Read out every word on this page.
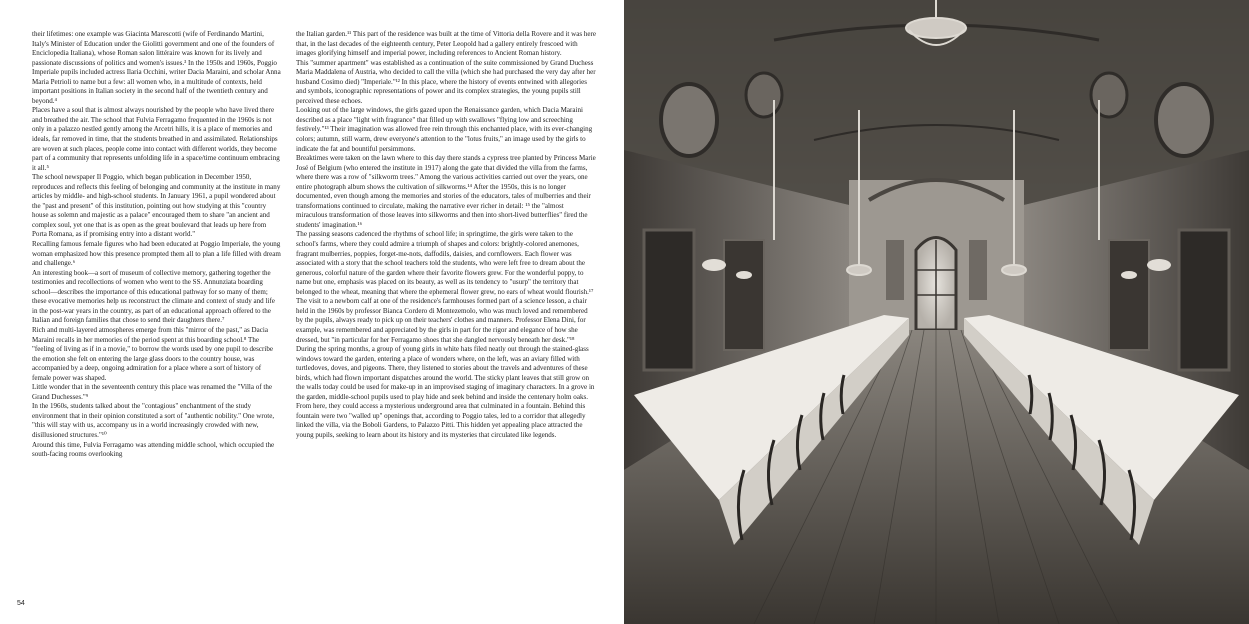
their lifetimes: one example was Giacinta Marescotti (wife of Ferdinando Martini, Italy's Minister of Education under the Giolitti government and one of the founders of Enciclopedia Italiana), whose Roman salon littéraire was known for its lively and passionate discussions of politics and women's issues.³ In the 1950s and 1960s, Poggio Imperiale pupils included actress Ilaria Occhini, writer Dacia Maraini, and scholar Anna Maria Petrioli to name but a few: all women who, in a multitude of contexts, held important positions in Italian society in the second half of the twentieth century and beyond.⁴

Places have a soul that is almost always nourished by the people who have lived there and breathed the air. The school that Fulvia Ferragamo frequented in the 1960s is not only in a palazzo nestled gently among the Arcetri hills, it is a place of memories and ideals, far removed in time, that the students breathed in and assimilated. Relationships are woven at such places, people come into contact with different worlds, they become part of a community that represents unfolding life in a space/time continuum embracing it all.⁵

The school newspaper Il Poggio, which began publication in December 1950, reproduces and reflects this feeling of belonging and community at the institute in many articles by middle- and high-school students. In January 1961, a pupil wondered about the "past and present" of this institution, pointing out how studying at this "country house as solemn and majestic as a palace" encouraged them to share "an ancient and complex soul, yet one that is as open as the great boulevard that leads up here from Porta Romana, as if promising entry into a distant world."

Recalling famous female figures who had been educated at Poggio Imperiale, the young woman emphasized how this presence prompted them all to plan a life filled with dream and challenge.⁶

An interesting book—a sort of museum of collective memory, gathering together the testimonies and recollections of women who went to the SS. Annunziata boarding school—describes the importance of this educational pathway for so many of them; these evocative memories help us reconstruct the climate and context of study and life in the post-war years in the country, as part of an educational approach offered to the Italian and foreign families that chose to send their daughters there.⁷

Rich and multi-layered atmospheres emerge from this "mirror of the past," as Dacia Maraini recalls in her memories of the period spent at this boarding school.⁸ The "feeling of living as if in a movie," to borrow the words used by one pupil to describe the emotion she felt on entering the large glass doors to the country house, was accompanied by a deep, ongoing admiration for a place where a sort of history of female power was shaped.

Little wonder that in the seventeenth century this place was renamed the "Villa of the Grand Duchesses."⁹

In the 1960s, students talked about the "contagious" enchantment of the study environment that in their opinion constituted a sort of "authentic nobility." One wrote, "this will stay with us, accompany us in a world increasingly crowded with new, disillusioned structures."¹⁰

Around this time, Fulvia Ferragamo was attending middle school, which occupied the south-facing rooms overlooking

the Italian garden.¹¹ This part of the residence was built at the time of Vittoria della Rovere and it was here that, in the last decades of the eighteenth century, Peter Leopold had a gallery entirely frescoed with images glorifying himself and imperial power, including references to Ancient Roman history.

This "summer apartment" was established as a continuation of the suite commissioned by Grand Duchess Maria Maddalena of Austria, who decided to call the villa (which she had purchased the very day after her husband Cosimo died) "Imperiale."¹² In this place, where the history of events entwined with allegories and symbols, iconographic representations of power and its complex strategies, the young pupils still perceived these echoes.

Looking out of the large windows, the girls gazed upon the Renaissance garden, which Dacia Maraini described as a place "light with fragrance" that filled up with swallows "flying low and screeching festively."¹³ Their imagination was allowed free rein through this enchanted place, with its ever-changing colors; autumn, still warm, drew everyone's attention to the "lotus fruits," an image used by the girls to indicate the fat and bountiful persimmons.

Breaktimes were taken on the lawn where to this day there stands a cypress tree planted by Princess Marie José of Belgium (who entered the institute in 1917) along the gate that divided the villa from the farms, where there was a row of "silkworm trees." Among the various activities carried out over the years, one entire photograph album shows the cultivation of silkworms.¹⁴ After the 1950s, this is no longer documented, even though among the memories and stories of the educators, tales of mulberries and their transformations continued to circulate, making the narrative ever richer in detail: ¹⁵ the "almost miraculous transformation of those leaves into silkworms and then into short-lived butterflies" fired the students' imagination.¹⁶

The passing seasons cadenced the rhythms of school life; in springtime, the girls were taken to the school's farms, where they could admire a triumph of shapes and colors: brightly-colored anemones, fragrant mulberries, poppies, forget-me-nots, daffodils, daisies, and cornflowers. Each flower was associated with a story that the school teachers told the students, who were left free to dream about the generous, colorful nature of the garden where their favorite flowers grew. For the wonderful poppy, to name but one, emphasis was placed on its beauty, as well as its tendency to "usurp" the territory that belonged to the wheat, meaning that where the ephemeral flower grew, no ears of wheat would flourish.¹⁷ The visit to a newborn calf at one of the residence's farmhouses formed part of a science lesson, a chair held in the 1960s by professor Bianca Cordero di Montezemolo, who was much loved and remembered by the pupils, always ready to pick up on their teachers' clothes and manners. Professor Elena Dini, for example, was remembered and appreciated by the girls in part for the rigor and elegance of how she dressed, but "in particular for her Ferragamo shoes that she dangled nervously beneath her desk."¹⁸

During the spring months, a group of young girls in white hats filed neatly out through the stained-glass windows toward the garden, entering a place of wonders where, on the left, was an aviary filled with turtledoves, doves, and pigeons. There, they listened to stories about the travels and adventures of these birds, which had flown important dispatches around the world. The sticky plant leaves that still grow on the walls today could be used for make-up in an improvised staging of imaginary characters. In a grove in the garden, middle-school pupils used to play hide and seek behind and inside the centenary holm oaks. From here, they could access a mysterious underground area that culminated in a fountain. Behind this fountain were two "walled up" openings that, according to Poggio tales, led to a corridor that allegedly linked the villa, via the Boboli Gardens, to Palazzo Pitti. This hidden yet appealing place attracted the young pupils, seeking to learn about its history and its mysteries that circulated like legends.

54
